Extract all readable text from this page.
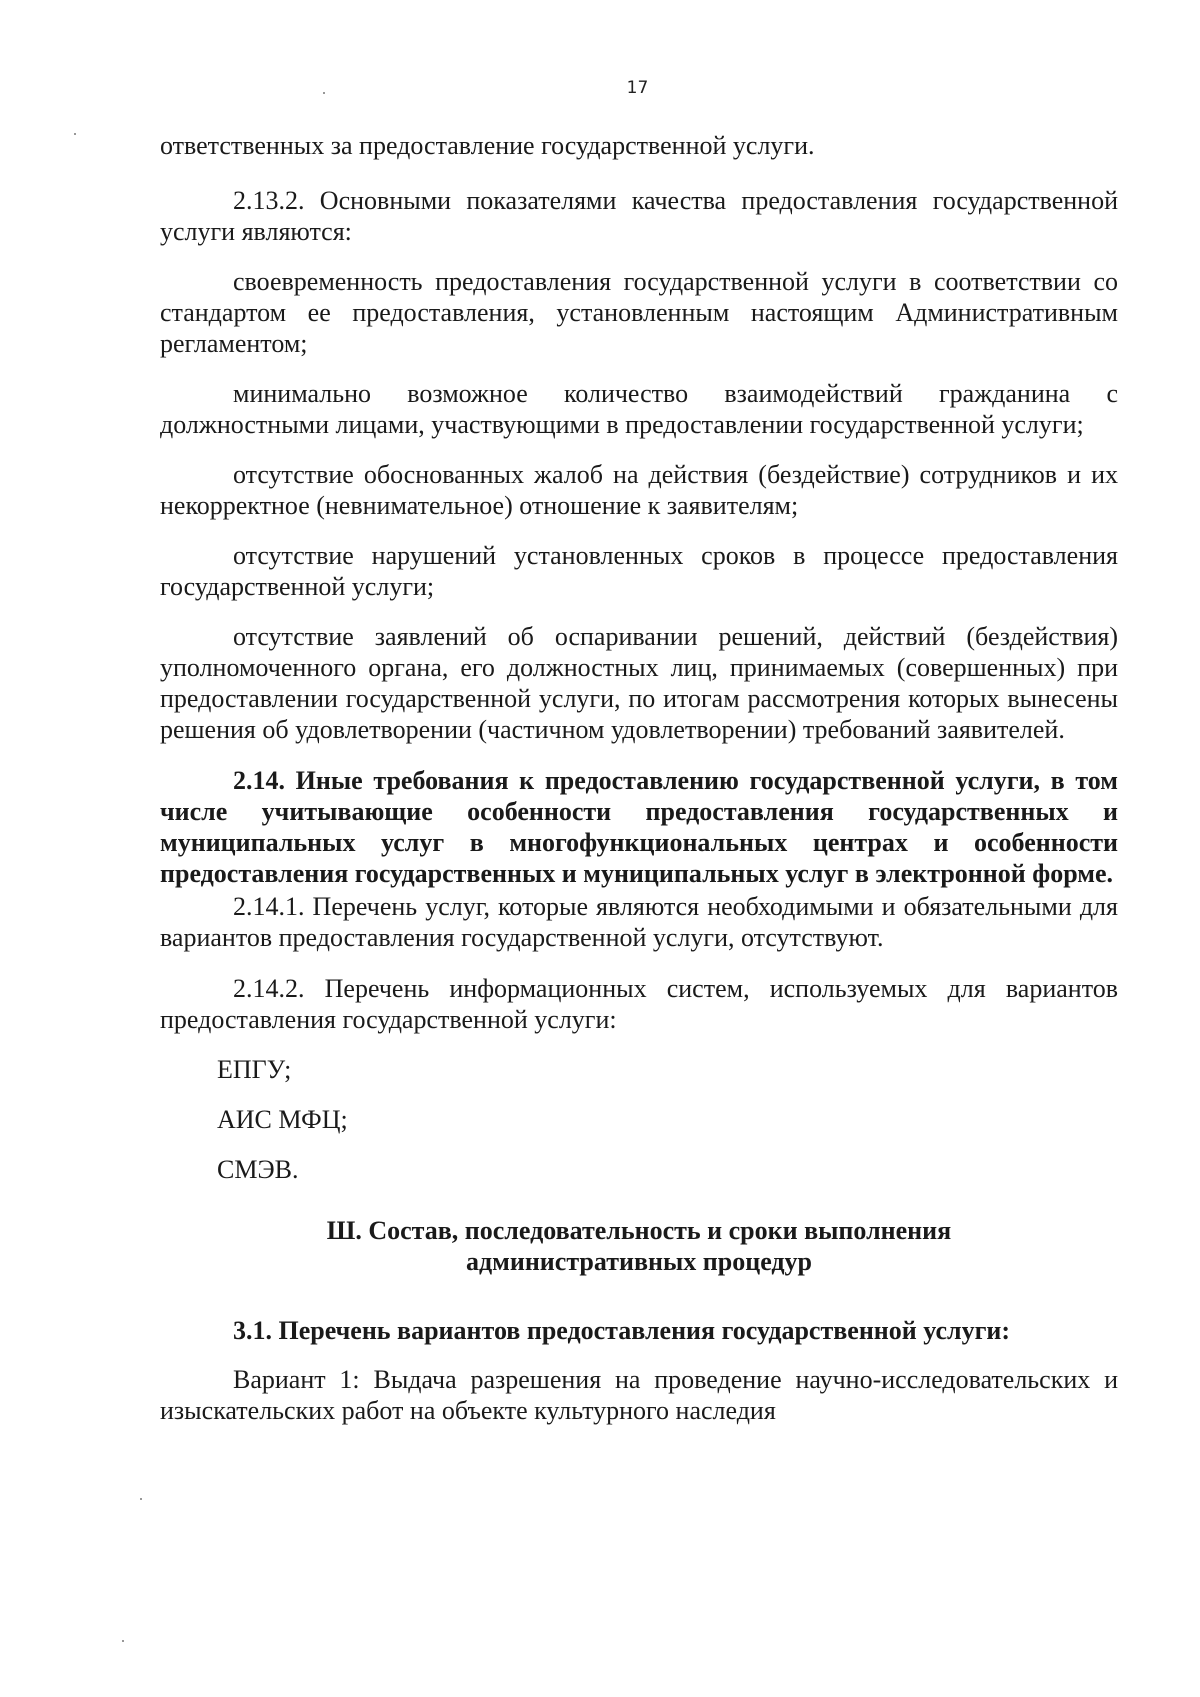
17

ответственных за предоставление государственной услуги.

2.13.2. Основными показателями качества предоставления государственной услуги являются:

своевременность предоставления государственной услуги в соответствии со стандартом ее предоставления, установленным настоящим Административным регламентом;

минимально возможное количество взаимодействий гражданина с должностными лицами, участвующими в предоставлении государственной услуги;

отсутствие обоснованных жалоб на действия (бездействие) сотрудников и их некорректное (невнимательное) отношение к заявителям;

отсутствие нарушений установленных сроков в процессе предоставления государственной услуги;

отсутствие заявлений об оспаривании решений, действий (бездействия) уполномоченного органа, его должностных лиц, принимаемых (совершенных) при предоставлении государственной услуги, по итогам рассмотрения которых вынесены решения об удовлетворении (частичном удовлетворении) требований заявителей.

2.14. Иные требования к предоставлению государственной услуги, в том числе учитывающие особенности предоставления государственных и муниципальных услуг в многофункциональных центрах и особенности предоставления государственных и муниципальных услуг в электронной форме.

2.14.1. Перечень услуг, которые являются необходимыми и обязательными для вариантов предоставления государственной услуги, отсутствуют.

2.14.2. Перечень информационных систем, используемых для вариантов предоставления государственной услуги:

ЕПГУ;

АИС МФЦ;

СМЭВ.

Ш. Состав, последовательность и сроки выполнения

административных процедур

3.1. Перечень вариантов предоставления государственной услуги:

Вариант 1: Выдача разрешения на проведение научно-исследовательских и изыскательских работ на объекте культурного наследия
